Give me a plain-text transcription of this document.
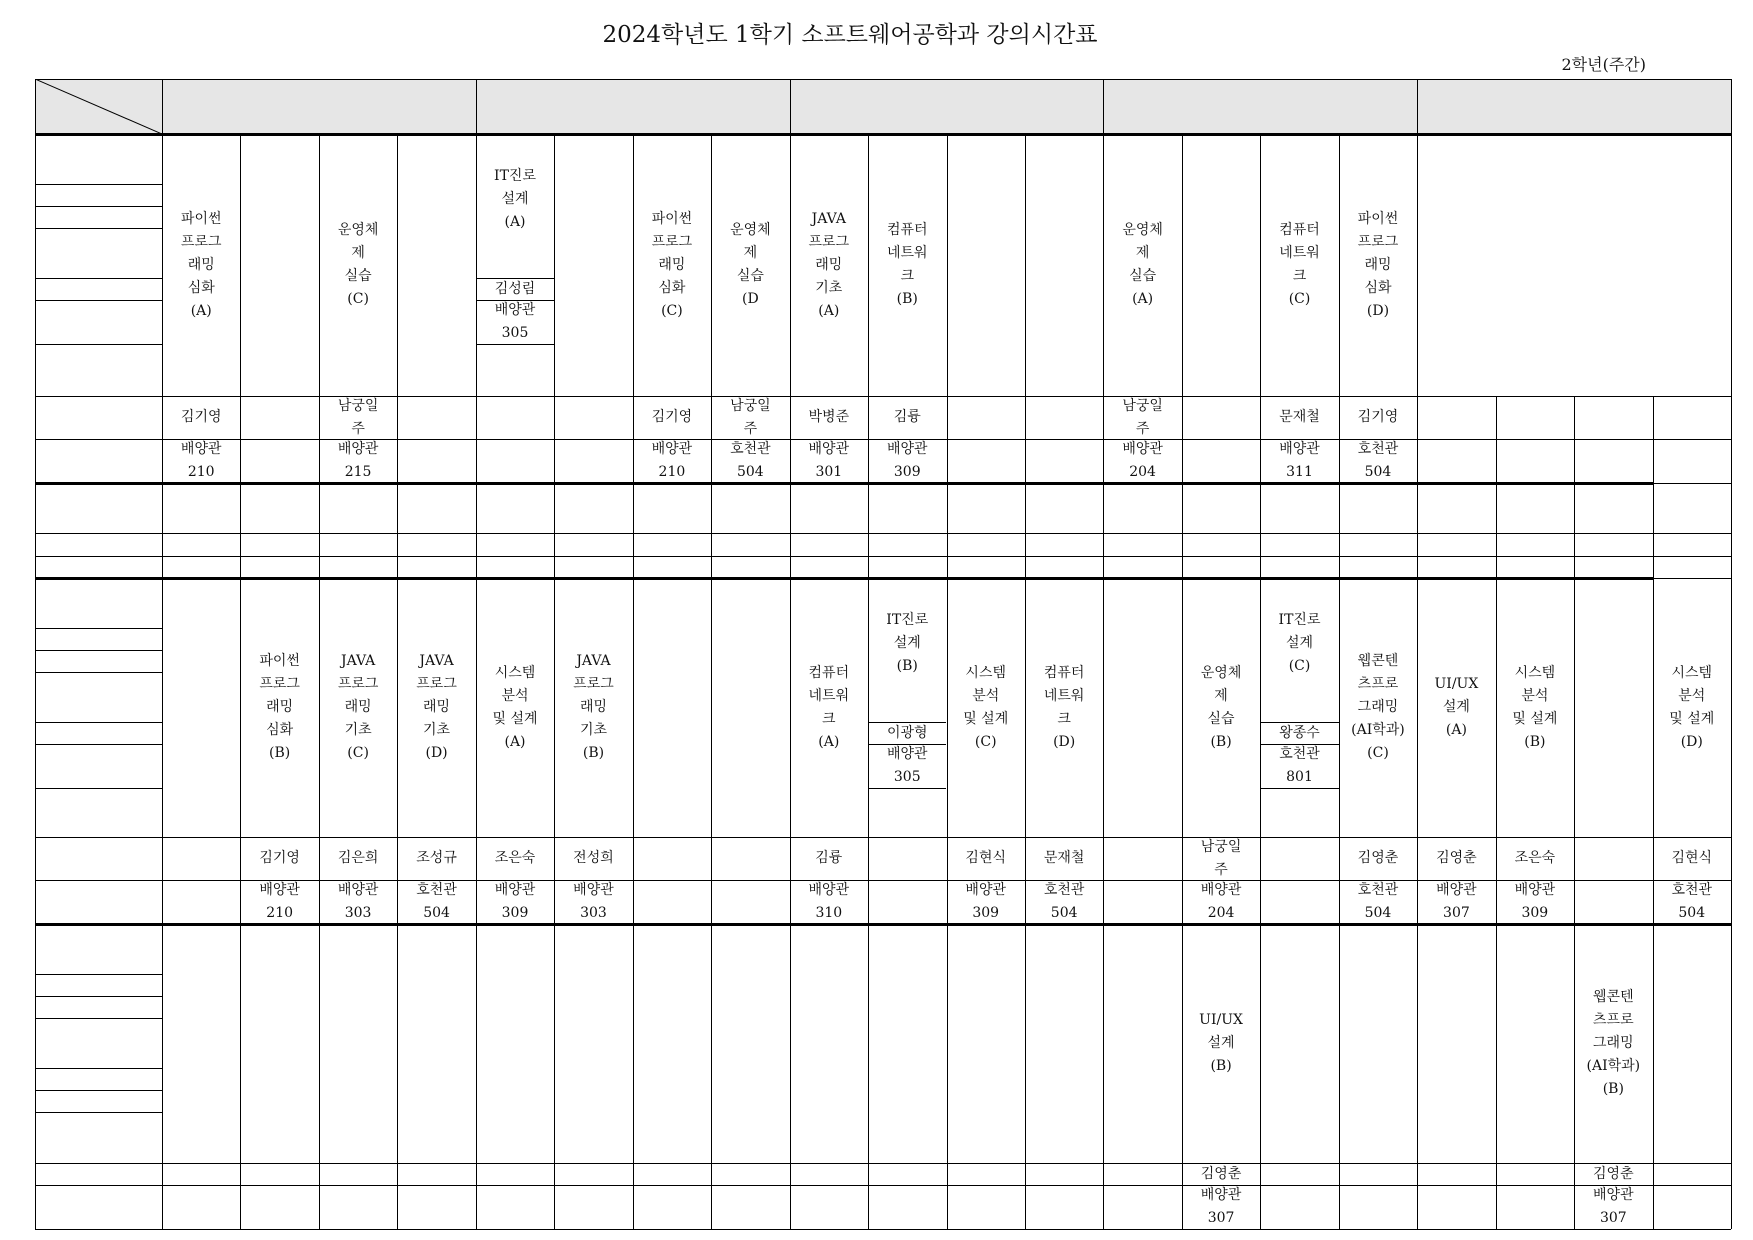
2024학년도 1학기 소프트웨어공학과 강의시간표
2학년(주간)
파이썬
프로그
래밍
심화
(A)
김기영
배양관
210
운영체
제
실습
(C)
남궁일
주
배양관
215
IT진로
설계
(A)
김성림
배양관
305
파이썬
프로그
래밍
심화
(C)
김기영
배양관
210
운영체
제
실습
(D
남궁일
주
호천관
504
JAVA
프로그
래밍
기초
(A)
박병준
배양관
301
컴퓨터
네트워
크
(B)
김륭
배양관
309
운영체
제
실습
(A)
남궁일
주
배양관
204
컴퓨터
네트워
크
(C)
문재철
배양관
311
파이썬
프로그
래밍
심화
(D)
김기영
호천관
504
파이썬
프로그
래밍
심화
(B)
김기영
배양관
210
JAVA
프로그
래밍
기초
(C)
김은희
배양관
303
JAVA
프로그
래밍
기초
(D)
조성규
호천관
504
시스템
분석
및 설계
(A)
조은숙
배양관
309
JAVA
프로그
래밍
기초
(B)
전성희
배양관
303
컴퓨터
네트워
크
(A)
김륭
배양관
310
IT진로
설계
(B)
이광형
배양관
305
시스템
분석
및 설계
(C)
김현식
배양관
309
컴퓨터
네트워
크
(D)
문재철
호천관
504
운영체
제
실습
(B)
남궁일
주
배양관
204
IT진로
설계
(C)
왕종수
호천관
801
웹콘텐
츠프로
그래밍
(AI학과)
(C)
김영춘
호천관
504
UI/UX
설계
(A)
김영춘
배양관
307
시스템
분석
및 설계
(B)
조은숙
배양관
309
시스템
분석
및 설계
(D)
김현식
호천관
504
UI/UX
설계
(B)
김영춘
배양관
307
웹콘텐
츠프로
그래밍
(AI학과)
(B)
김영춘
배양관
307
